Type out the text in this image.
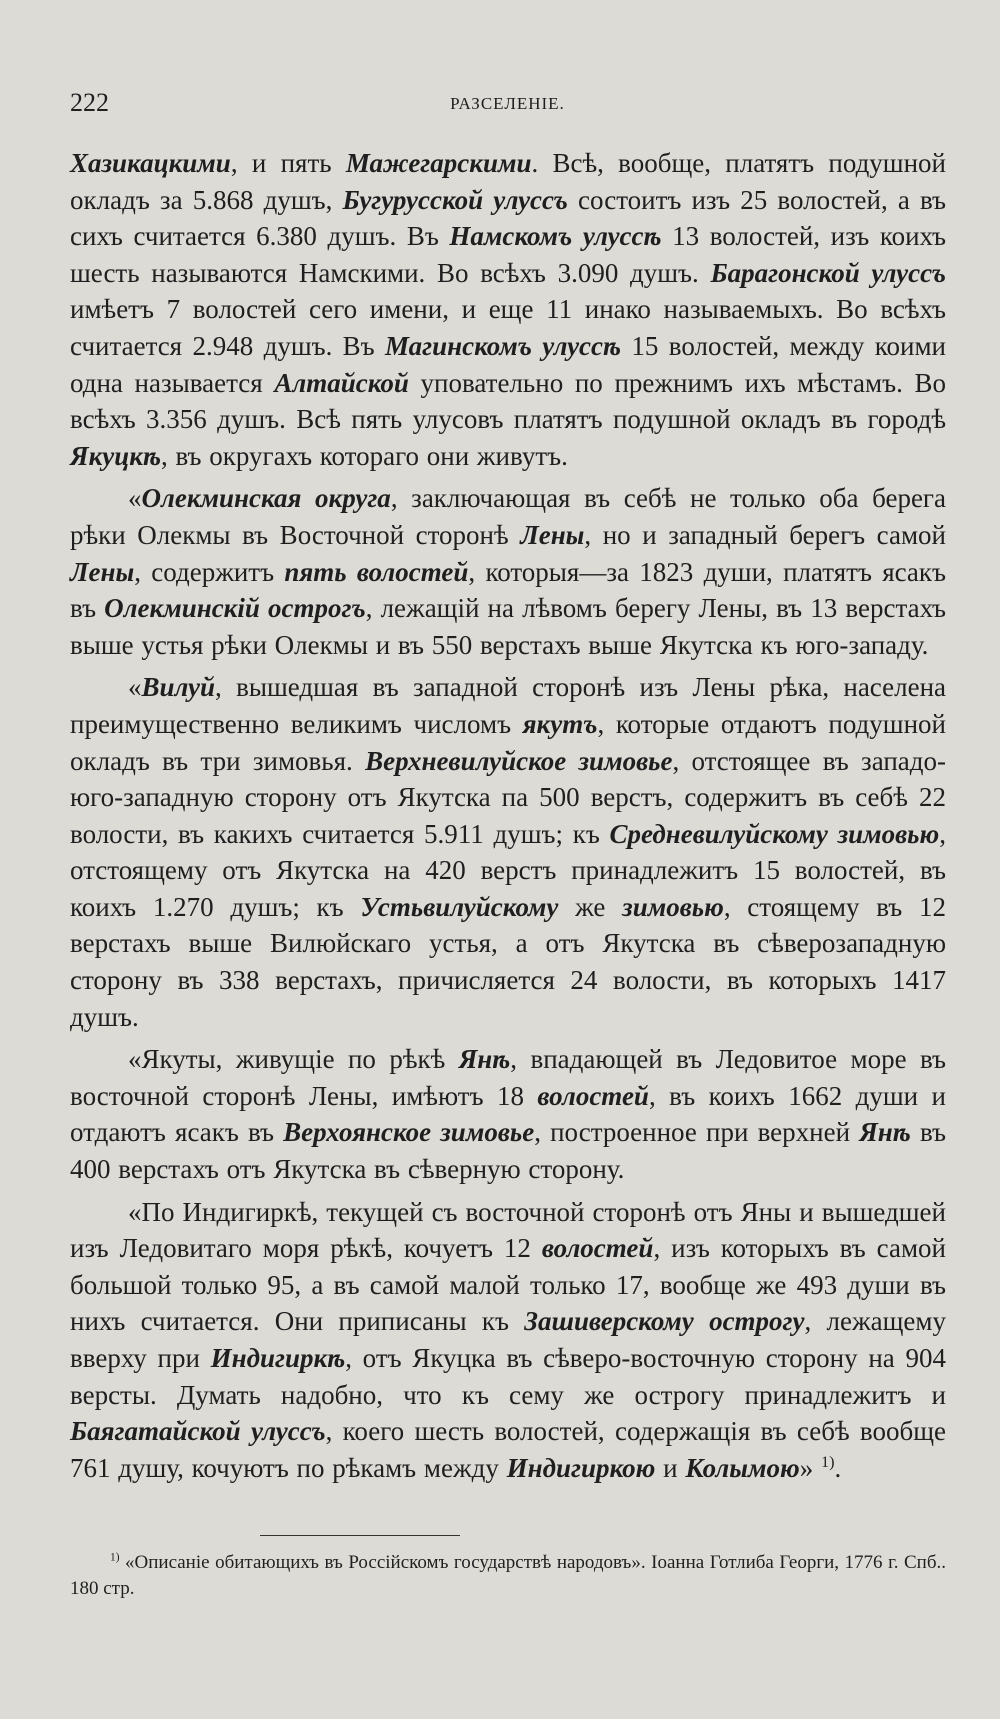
222	РАЗСЕЛЕНІЕ.

Хазикацкими, и пять Мажегарскими. Всѣ, вообще, платятъ подушной окладъ за 5.868 душъ, Бугурусской улуссъ состоитъ изъ 25 волостей, а въ сихъ считается 6.380 душъ. Въ Намскомъ улуссѣ 13 волостей, изъ коихъ шесть называются Намскими. Во всѣхъ 3.090 душъ. Барагонской улуссъ имѣетъ 7 волостей сего имени, и еще 11 инако называемыхъ. Во всѣхъ считается 2.948 душъ. Въ Магинскомъ улуссѣ 15 волостей, между коими одна называется Алтайской уповательно по прежнимъ ихъ мѣстамъ. Во всѣхъ 3.356 душъ. Всѣ пять улусовъ платятъ подушной окладъ въ городѣ Якуцкѣ, въ округахъ котораго они живутъ.

«Олекминская округа, заключающая въ себѣ не только оба берега рѣки Олекмы въ Восточной сторонѣ Лены, но и западный берегъ самой Лены, содержитъ пять волостей, которыя—за 1823 души, платятъ ясакъ въ Олекминскій острогъ, лежащій на лѣвомъ берегу Лены, въ 13 верстахъ выше устья рѣки Олекмы и въ 550 верстахъ выше Якутска къ юго-западу.

«Вилуй, вышедшая въ западной сторонѣ изъ Лены рѣка, населена преимущественно великимъ числомъ якутъ, которые отдаютъ подушной окладъ въ три зимовья. Верхневилуйское зимовье, отстоящее въ западо-юго-западную сторону отъ Якутска па 500 верстъ, содержитъ въ себѣ 22 волости, въ какихъ считается 5.911 душъ; къ Средневилуйскому зимовью, отстоящему отъ Якутска на 420 верстъ принадлежитъ 15 волостей, въ коихъ 1.270 душъ; къ Устьвилуйскому же зимовью, стоящему въ 12 верстахъ выше Вилюйскаго устья, а отъ Якутска въ сѣверозападную сторону въ 338 верстахъ, причисляется 24 волости, въ которыхъ 1417 душъ.

«Якуты, живущіе по рѣкѣ Янѣ, впадающей въ Ледовитое море въ восточной сторонѣ Лены, имѣютъ 18 волостей, въ коихъ 1662 души и отдаютъ ясакъ въ Верхоянское зимовье, построенное при верхней Янѣ въ 400 верстахъ отъ Якутска въ сѣверную сторону.

«По Индигиркѣ, текущей съ восточной сторонѣ отъ Яны и вышедшей изъ Ледовитаго моря рѣкѣ, кочуетъ 12 волостей, изъ которыхъ въ самой большой только 95, а въ самой малой только 17, вообще же 493 души въ нихъ считается. Они приписаны къ Зашиверскому острогу, лежащему вверху при Индигиркѣ, отъ Якуцка въ сѣверо-восточную сторону на 904 версты. Думать надобно, что къ сему же острогу принадлежитъ и Баягатайской улуссъ, коего шесть волостей, содержащія въ себѣ вообще 761 душу, кочуютъ по рѣкамъ между Индигиркою и Колымою» $^{1)}$.

$^{1)}$ «Описаніе обитающихъ въ Россійскомъ государствѣ народовъ». Іоанна Готлиба Георги, 1776 г. Спб.. 180 стр.
